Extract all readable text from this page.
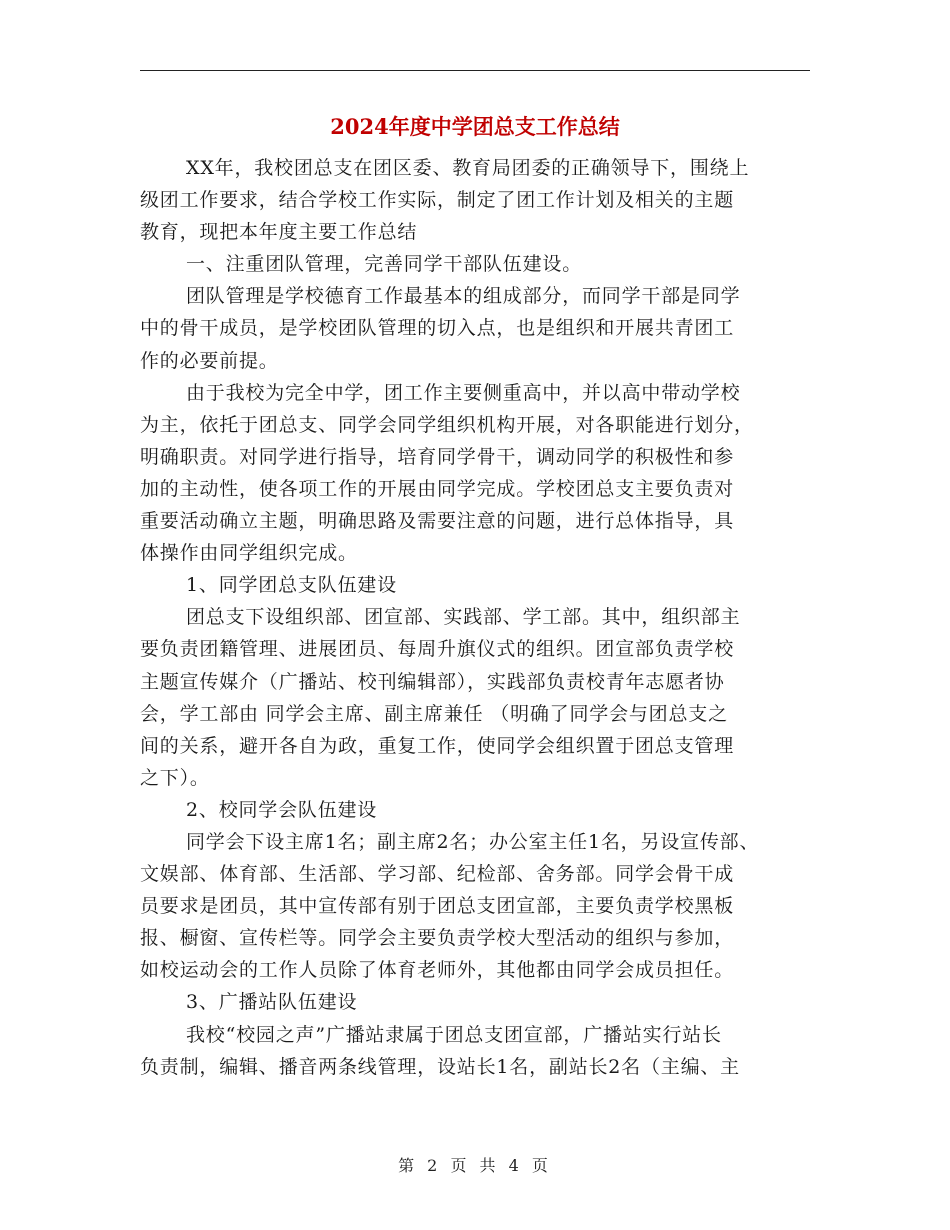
2024年度中学团总支工作总结
XX年，我校团总支在团区委、教育局团委的正确领导下，围绕上
级团工作要求，结合学校工作实际，制定了团工作计划及相关的主题
教育，现把本年度主要工作总结
一、注重团队管理，完善同学干部队伍建设。
团队管理是学校德育工作最基本的组成部分，而同学干部是同学
中的骨干成员，是学校团队管理的切入点，也是组织和开展共青团工
作的必要前提。
由于我校为完全中学，团工作主要侧重高中，并以高中带动学校
为主，依托于团总支、同学会同学组织机构开展，对各职能进行划分，
明确职责。对同学进行指导，培育同学骨干，调动同学的积极性和参
加的主动性，使各项工作的开展由同学完成。学校团总支主要负责对
重要活动确立主题，明确思路及需要注意的问题，进行总体指导，具
体操作由同学组织完成。
1、同学团总支队伍建设
团总支下设组织部、团宣部、实践部、学工部。其中，组织部主
要负责团籍管理、进展团员、每周升旗仪式的组织。团宣部负责学校
主题宣传媒介（广播站、校刊编辑部），实践部负责校青年志愿者协
会，学工部由 同学会主席、副主席兼任 （明确了同学会与团总支之
间的关系，避开各自为政，重复工作，使同学会组织置于团总支管理
之下）。
2、校同学会队伍建设
同学会下设主席1名；副主席2名；办公室主任1名，另设宣传部、
文娱部、体育部、生活部、学习部、纪检部、舍务部。同学会骨干成
员要求是团员，其中宣传部有别于团总支团宣部，主要负责学校黑板
报、橱窗、宣传栏等。同学会主要负责学校大型活动的组织与参加，
如校运动会的工作人员除了体育老师外，其他都由同学会成员担任。
3、广播站队伍建设
我校“校园之声”广播站隶属于团总支团宣部，广播站实行站长
负责制，编辑、播音两条线管理，设站长1名，副站长2名（主编、主
第 2 页 共 4 页
